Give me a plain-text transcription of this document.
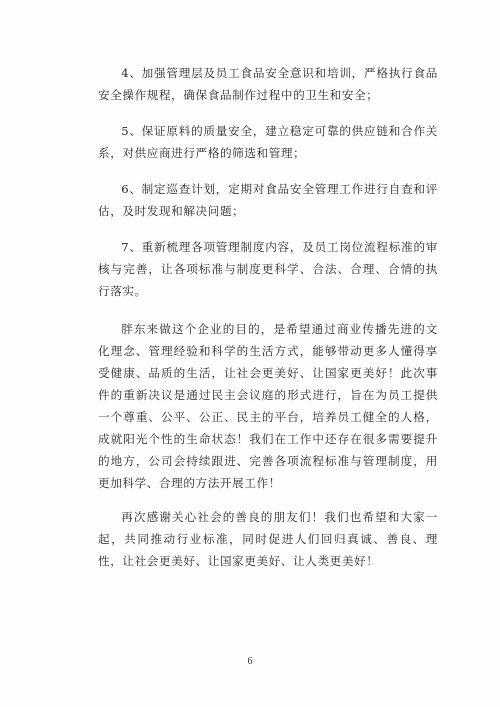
4、加强管理层及员工食品安全意识和培训，严格执行食品安全操作规程，确保食品制作过程中的卫生和安全；

5、保证原料的质量安全，建立稳定可靠的供应链和合作关系，对供应商进行严格的筛选和管理；

6、制定巡查计划，定期对食品安全管理工作进行自查和评估，及时发现和解决问题；

7、重新梳理各项管理制度内容，及员工岗位流程标准的审核与完善，让各项标准与制度更科学、合法、合理、合情的执行落实。

胖东来做这个企业的目的，是希望通过商业传播先进的文化理念、管理经验和科学的生活方式，能够带动更多人懂得享受健康、品质的生活，让社会更美好、让国家更美好！此次事件的重新决议是通过民主会议庭的形式进行，旨在为员工提供一个尊重、公平、公正、民主的平台，培养员工健全的人格，成就阳光个性的生命状态！我们在工作中还存在很多需要提升的地方，公司会持续跟进、完善各项流程标准与管理制度，用更加科学、合理的方法开展工作！

再次感谢关心社会的善良的朋友们！我们也希望和大家一起，共同推动行业标准，同时促进人们回归真诚、善良、理性，让社会更美好、让国家更美好、让人类更美好！

6
